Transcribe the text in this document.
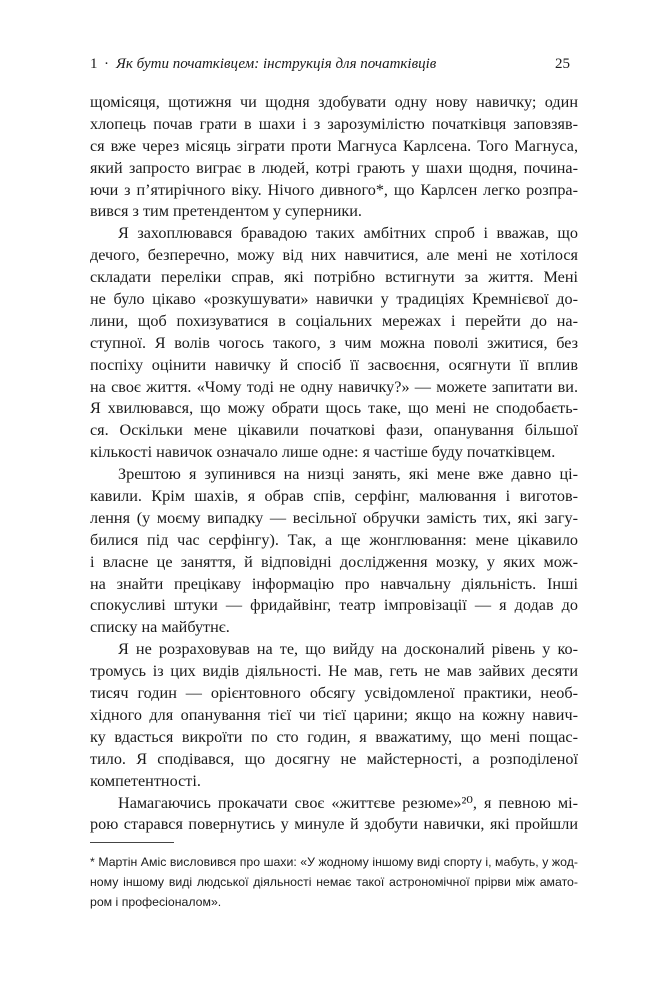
1 · Як бути початківцем: інструкція для початківців	25
щомісяця, щотижня чи щодня здобувати одну нову навичку; один
хлопець почав грати в шахи і з зарозумілістю початківця заповзяв-
ся вже через місяць зіграти проти Магнуса Карлсена. Того Магнуса,
який запросто виграє в людей, котрі грають у шахи щодня, почина-
ючи з п’ятирічного віку. Нічого дивного*, що Карлсен легко розпра-
вився з тим претендентом у суперники.
Я захоплювався бравадою таких амбітних спроб і вважав, що
дечого, безперечно, можу від них навчитися, але мені не хотілося
складати переліки справ, які потрібно встигнути за життя. Мені
не було цікаво «розкушувати» навички у традиціях Кремнієвої до-
лини, щоб похизуватися в соціальних мережах і перейти до на-
ступної. Я волів чогось такого, з чим можна поволі зжитися, без
поспіху оцінити навичку й спосіб її засвоєння, осягнути її вплив
на своє життя. «Чому тоді не одну навичку?» — можете запитати ви.
Я хвилювався, що можу обрати щось таке, що мені не сподобаєть-
ся. Оскільки мене цікавили початкові фази, опанування більшої
кількості навичок означало лише одне: я частіше буду початківцем.
Зрештою я зупинився на низці занять, які мене вже давно ці-
кавили. Крім шахів, я обрав спів, серфінг, малювання і виготов-
лення (у моєму випадку — весільної обручки замість тих, які загу-
билися під час серфінгу). Так, а ще жонглювання: мене цікавило
і власне це заняття, й відповідні дослідження мозку, у яких мож-
на знайти прецікаву інформацію про навчальну діяльність. Інші
спокусливі штуки — фридайвінг, театр імпровізації — я додав до
списку на майбутнє.
Я не розраховував на те, що вийду на досконалий рівень у ко-
тромусь із цих видів діяльності. Не мав, геть не мав зайвих десяти
тисяч годин — орієнтовного обсягу усвідомленої практики, необ-
хідного для опанування тієї чи тієї царини; якщо на кожну навич-
ку вдасться викроїти по сто годин, я вважатиму, що мені пощас-
тило. Я сподівався, що досягну не майстерності, а розподіленої
компетентності.
Намагаючись прокачати своє «життєве резюме»²⁰, я певною мі-
рою старався повернутись у минуле й здобути навички, які пройшли
* Мартін Аміс висловився про шахи: «У жодному іншому виді спорту і, мабуть, у жод-
ному іншому виді людської діяльності немає такої астрономічної прірви між амато-
ром і професіоналом».
